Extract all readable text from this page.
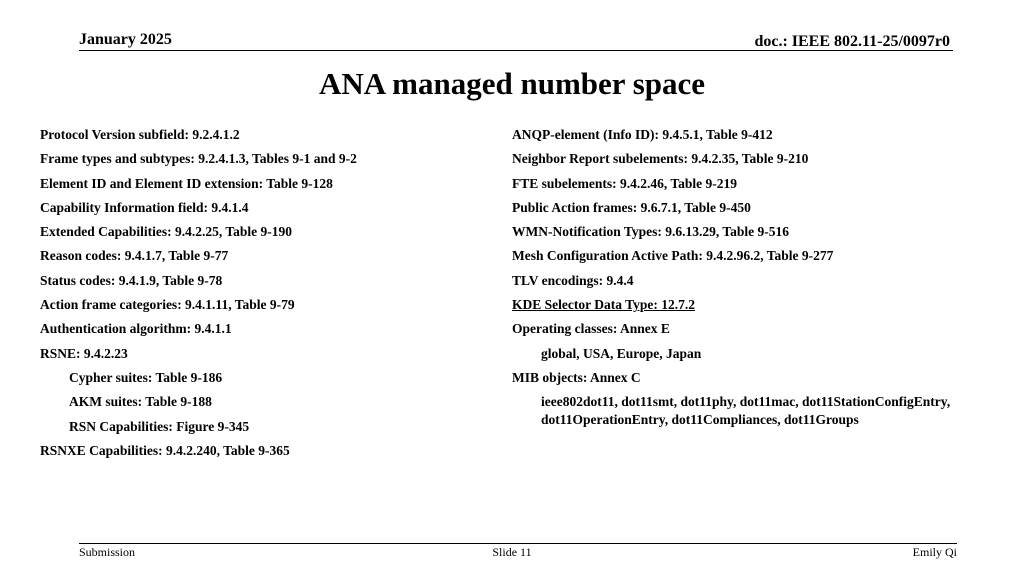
January 2025	doc.: IEEE 802.11-25/0097r0
ANA managed number space
Protocol Version subfield: 9.2.4.1.2
Frame types and subtypes: 9.2.4.1.3, Tables 9-1 and 9-2
Element ID and Element ID extension: Table 9-128
Capability Information field: 9.4.1.4
Extended Capabilities: 9.4.2.25, Table 9-190
Reason codes: 9.4.1.7, Table 9-77
Status codes: 9.4.1.9, Table 9-78
Action frame categories: 9.4.1.11, Table 9-79
Authentication algorithm: 9.4.1.1
RSNE: 9.4.2.23
Cypher suites: Table 9-186
AKM suites: Table 9-188
RSN Capabilities: Figure 9-345
RSNXE Capabilities: 9.4.2.240, Table 9-365
ANQP-element (Info ID): 9.4.5.1, Table 9-412
Neighbor Report subelements: 9.4.2.35, Table 9-210
FTE subelements: 9.4.2.46, Table 9-219
Public Action frames: 9.6.7.1, Table 9-450
WMN-Notification Types: 9.6.13.29, Table 9-516
Mesh Configuration Active Path: 9.4.2.96.2, Table 9-277
TLV encodings: 9.4.4
KDE Selector Data Type: 12.7.2
Operating classes: Annex E
global, USA, Europe, Japan
MIB objects: Annex C
ieee802dot11, dot11smt, dot11phy, dot11mac, dot11StationConfigEntry, dot11OperationEntry, dot11Compliances, dot11Groups
Submission	Slide 11	Emily Qi
